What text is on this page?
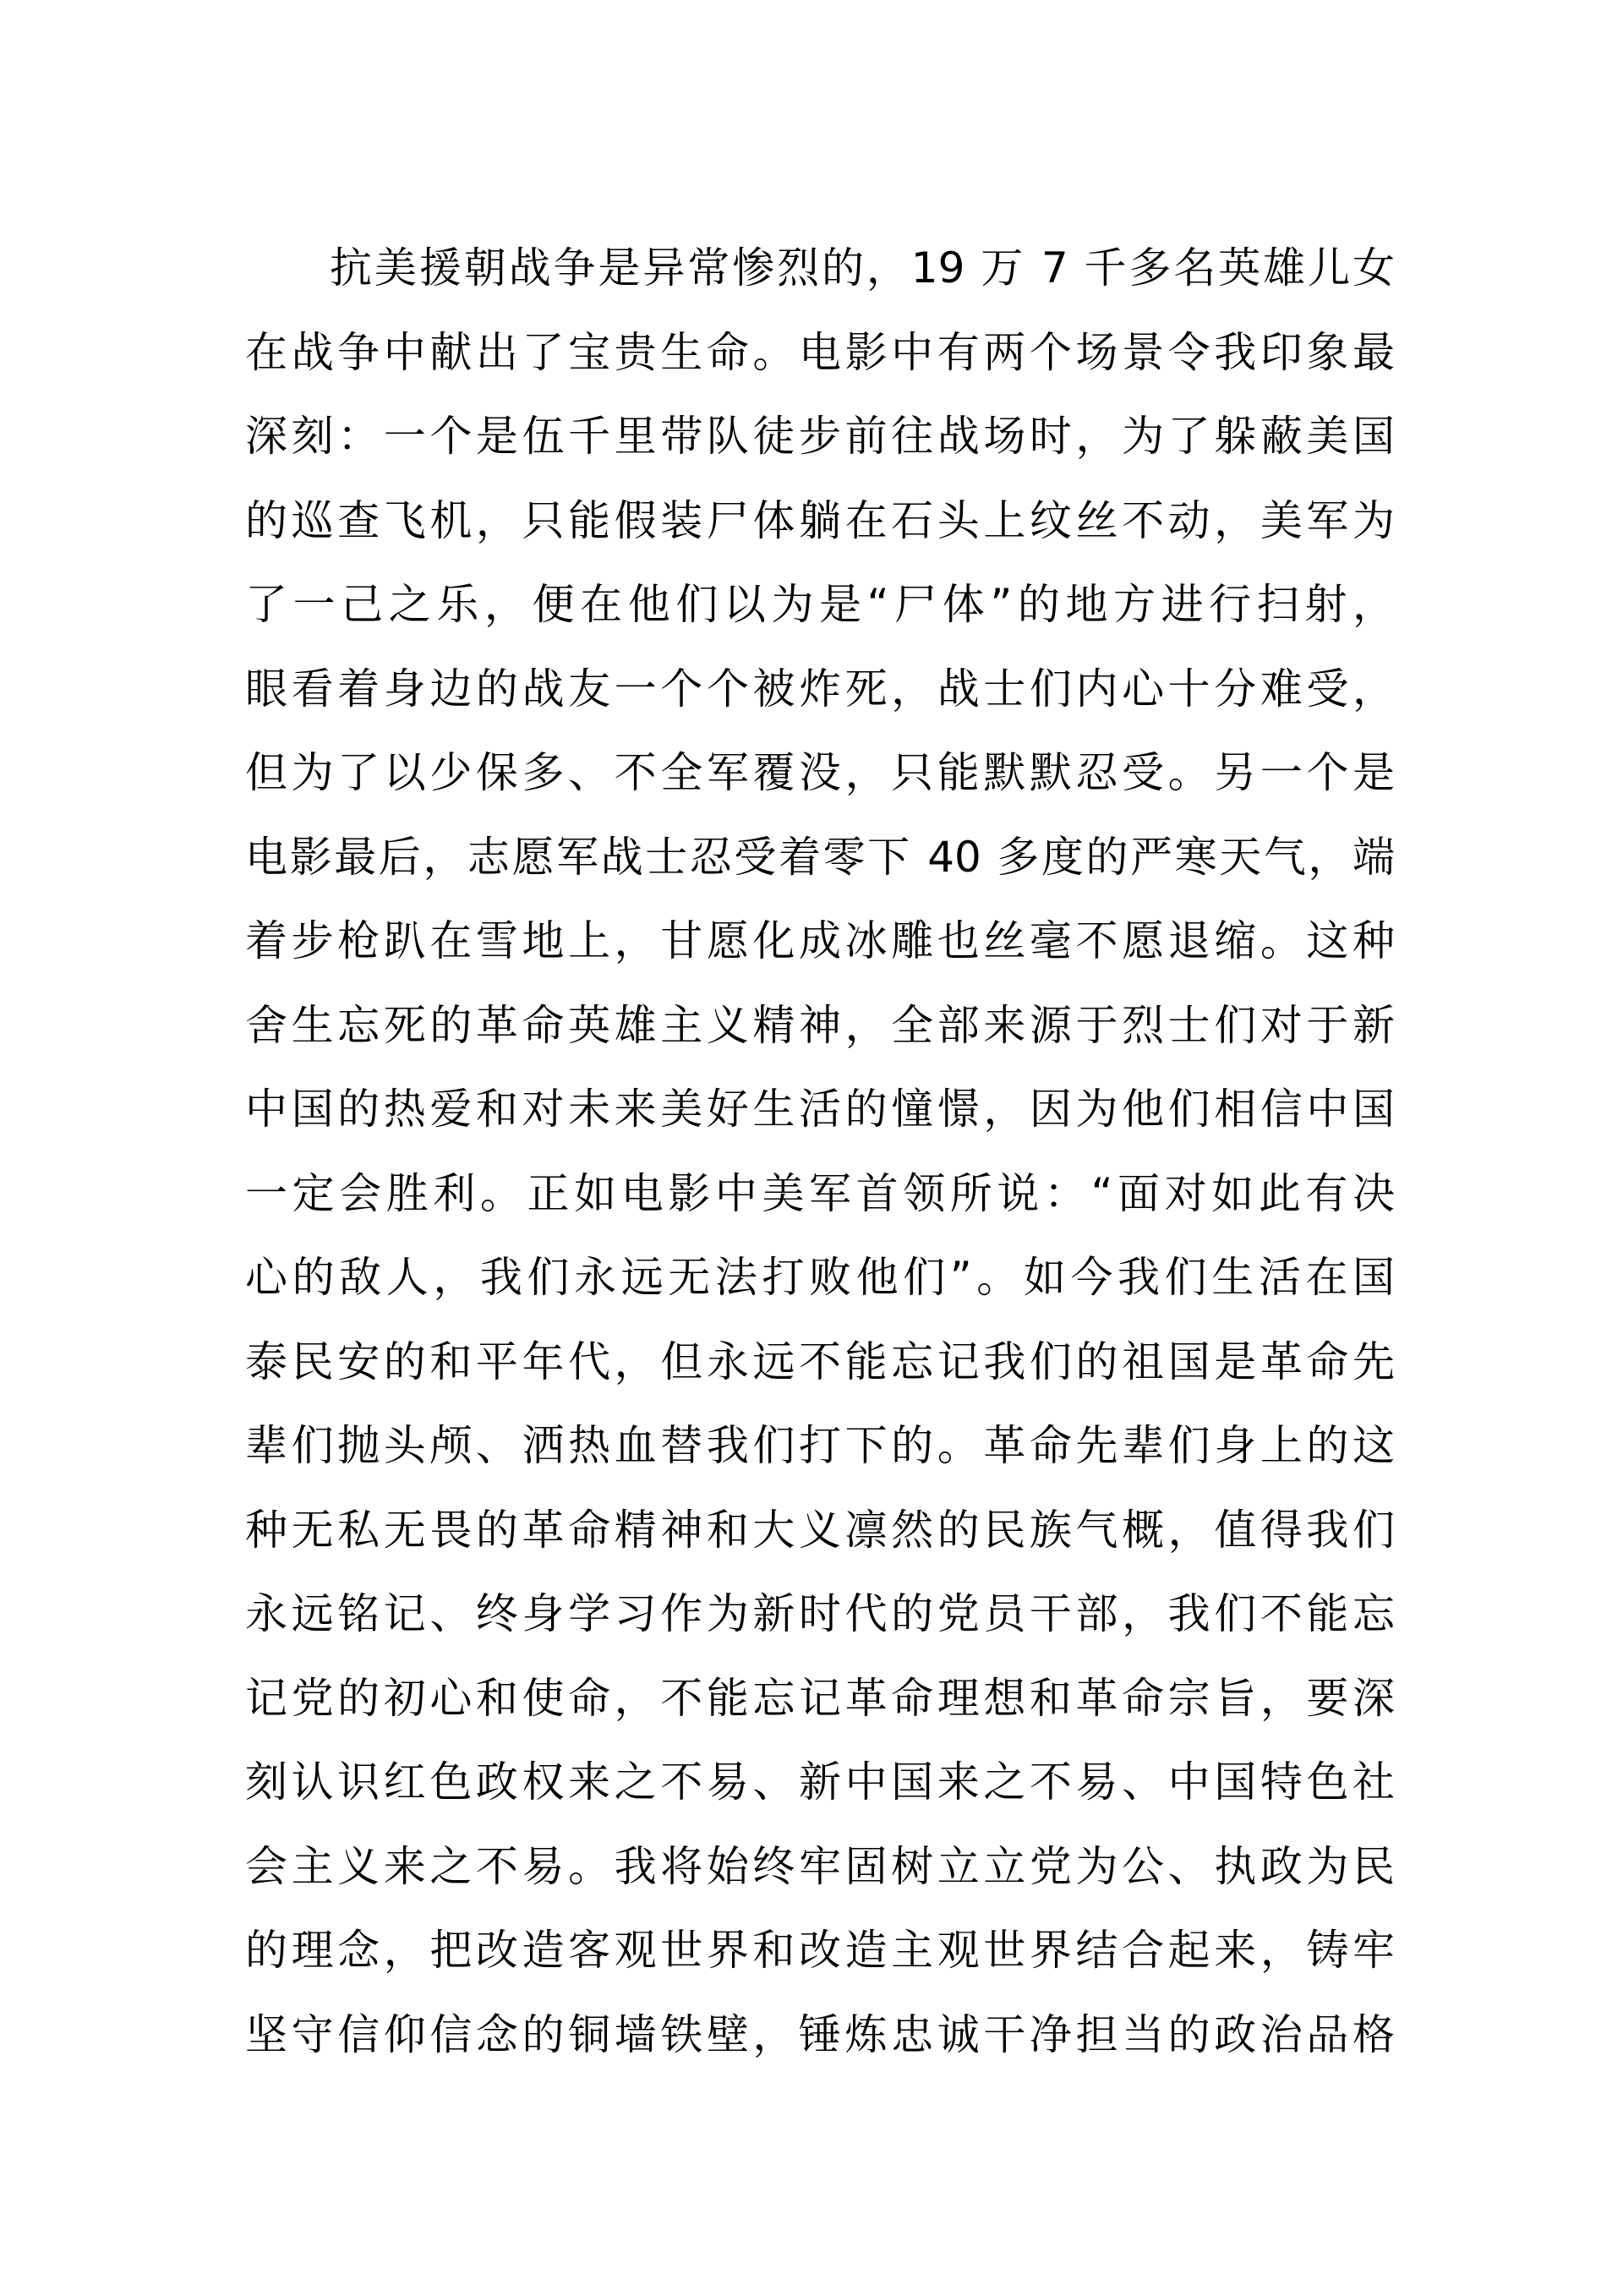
抗美援朝战争是异常惨烈的，19 万 7 千多名英雄儿女
在战争中献出了宝贵生命。电影中有两个场景令我印象最
深刻：一个是伍千里带队徒步前往战场时，为了躲蔽美国
的巡查飞机，只能假装尸体躺在石头上纹丝不动，美军为
了一己之乐，便在他们以为是“尸体”的地方进行扫射，
眼看着身边的战友一个个被炸死，战士们内心十分难受，
但为了以少保多、不全军覆没，只能默默忍受。另一个是
电影最后，志愿军战士忍受着零下 40 多度的严寒天气，端
着步枪趴在雪地上，甘愿化成冰雕也丝毫不愿退缩。这种
舍生忘死的革命英雄主义精神，全部来源于烈士们对于新
中国的热爱和对未来美好生活的憧憬，因为他们相信中国
一定会胜利。正如电影中美军首领所说：“面对如此有决
心的敌人，我们永远无法打败他们”。如今我们生活在国
泰民安的和平年代，但永远不能忘记我们的祖国是革命先
辈们抛头颅、洒热血替我们打下的。革命先辈们身上的这
种无私无畏的革命精神和大义凛然的民族气概，值得我们
永远铭记、终身学习作为新时代的党员干部，我们不能忘
记党的初心和使命，不能忘记革命理想和革命宗旨，要深
刻认识红色政权来之不易、新中国来之不易、中国特色社
会主义来之不易。我将始终牢固树立立党为公、执政为民
的理念，把改造客观世界和改造主观世界结合起来，铸牢
坚守信仰信念的铜墙铁壁，锤炼忠诚干净担当的政治品格
